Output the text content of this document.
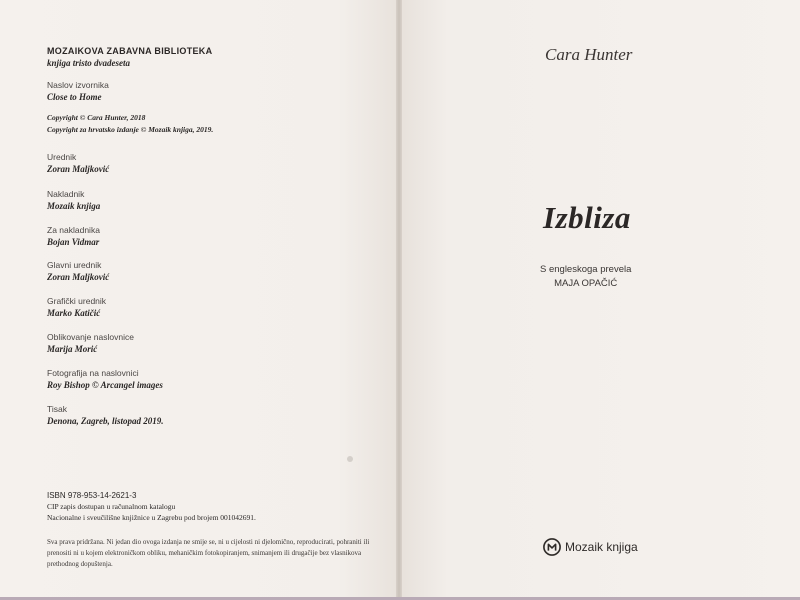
MOZAIKOVA ZABAVNA BIBLIOTEKA
knjiga tristo dvadeseta
Naslov izvornika
Close to Home
Copyright © Cara Hunter, 2018
Copyright za hrvatsko izdanje © Mozaik knjiga, 2019.
Urednik
Zoran Maljković
Nakladnik
Mozaik knjiga
Za nakladnika
Bojan Vidmar
Glavni urednik
Zoran Maljković
Grafički urednik
Marko Katičić
Oblikovanje naslovnice
Marija Morić
Fotografija na naslovnici
Roy Bishop © Arcangel images
Tisak
Denona, Zagreb, listopad 2019.
ISBN 978-953-14-2621-3
CIP zapis dostupan u računalnom katalogu
Nacionalne i sveučilišne knjižnice u Zagrebu pod brojem 001042691.
Sva prava pridržana. Ni jedan dio ovoga izdanja ne smije se, ni u cijelosti ni djelomično, reproducirati, pohraniti ili prenositi ni u kojem elektroničkom obliku, mehaničkim fotokopiranjem, snimanjem ili drugačije bez vlasnikova prethodnog dopuštenja.
Cara Hunter
Izbliza
S engleskoga prevela
MAJA OPAČIĆ
Mozaik knjiga
